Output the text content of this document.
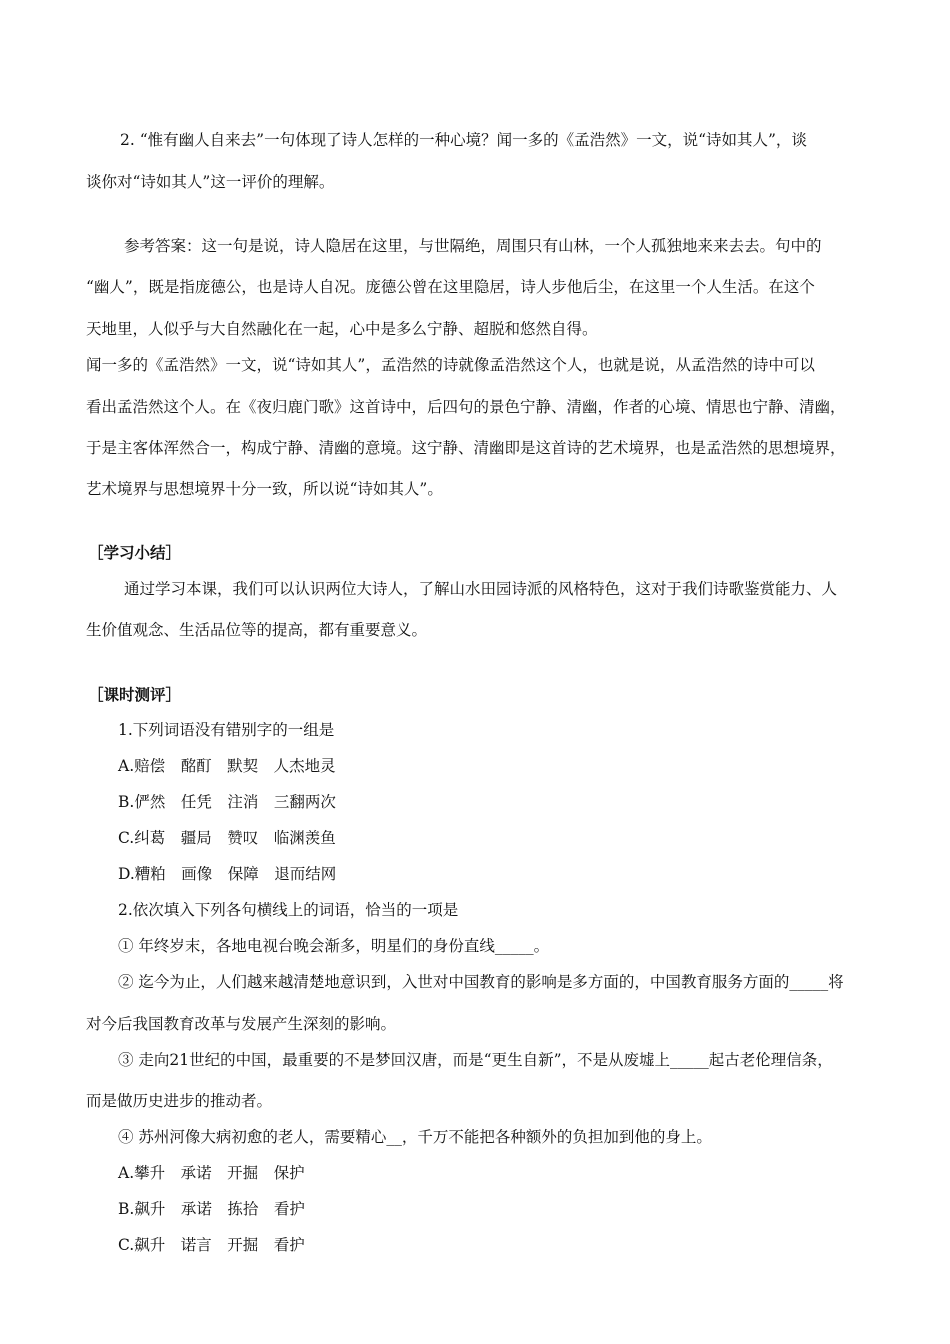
2. “惟有幽人自来去”一句体现了诗人怎样的一种心境？闻一多的《孟浩然》一文，说“诗如其人”，谈
谈你对“诗如其人”这一评价的理解。
参考答案：这一句是说，诗人隐居在这里，与世隔绝，周围只有山林，一个人孤独地来来去去。句中的
“幽人”，既是指庞德公，也是诗人自况。庞德公曾在这里隐居，诗人步他后尘，在这里一个人生活。在这个
天地里，人似乎与大自然融化在一起，心中是多么宁静、超脱和悠然自得。
闻一多的《孟浩然》一文，说“诗如其人”，孟浩然的诗就像孟浩然这个人，也就是说，从孟浩然的诗中可以
看出孟浩然这个人。在《夜归鹿门歌》这首诗中，后四句的景色宁静、清幽，作者的心境、情思也宁静、清幽，
于是主客体浑然合一，构成宁静、清幽的意境。这宁静、清幽即是这首诗的艺术境界，也是孟浩然的思想境界，
艺术境界与思想境界十分一致，所以说“诗如其人”。
［学习小结］
通过学习本课，我们可以认识两位大诗人，了解山水田园诗派的风格特色，这对于我们诗歌鉴赏能力、人
生价值观念、生活品位等的提高，都有重要意义。
［课时测评］
1.下列词语没有错别字的一组是
A.赔偿　酩酊　默契　人杰地灵
B.俨然　任凭　注消　三翻两次
C.纠葛　疆局　赞叹　临渊羡鱼
D.糟粕　画像　保障　退而结网
2.依次填入下列各句横线上的词语，恰当的一项是
① 年终岁末，各地电视台晚会渐多，明星们的身份直线_____。
② 迄今为止，人们越来越清楚地意识到，入世对中国教育的影响是多方面的，中国教育服务方面的_____将
对今后我国教育改革与发展产生深刻的影响。
③ 走向21世纪的中国，最重要的不是梦回汉唐，而是“更生自新”，不是从废墟上_____起古老伦理信条，
而是做历史进步的推动者。
④ 苏州河像大病初愈的老人，需要精心__，千万不能把各种额外的负担加到他的身上。
A.攀升　承诺　开掘　保护
B.飙升　承诺　拣拾　看护
C.飙升　诺言　开掘　看护
